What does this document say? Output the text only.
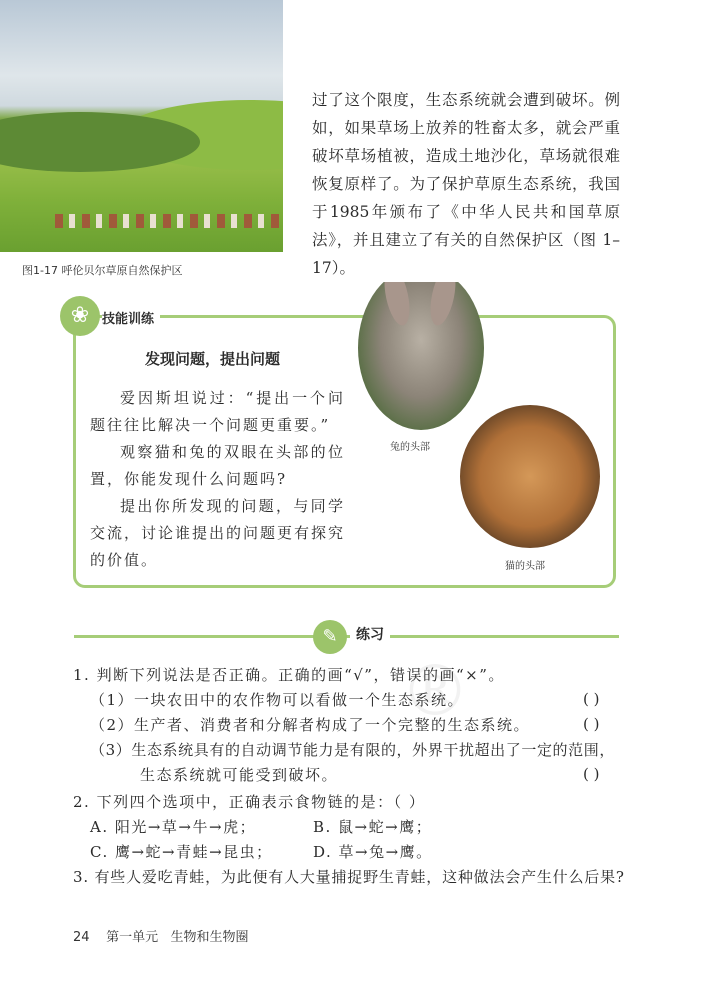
图1-17 呼伦贝尔草原自然保护区
过了这个限度，生态系统就会遭到破坏。例如，如果草场上放养的牲畜太多，就会严重破坏草场植被，造成土地沙化，草场就很难恢复原样了。为了保护草原生态系统，我国于1985年颁布了《中华人民共和国草原法》，并且建立了有关的自然保护区（图 1–17）。
❀ 技能训练
发现问题，提出问题

爱因斯坦说过：“提出一个问题往往比解决一个问题更重要。”

观察猫和兔的双眼在头部的位置，你能发现什么问题吗?

提出你所发现的问题，与同学交流，讨论谁提出的问题更有探究的价值。

兔的头部
猫的头部
✎	练习
®
1. 判断下列说法是否正确。正确的画“√”，错误的画“×”。
（1）一块农田中的农作物可以看做一个生态系统。	( )
（2）生产者、消费者和分解者构成了一个完整的生态系统。	( )
（3）生态系统具有的自动调节能力是有限的，外界干扰超出了一定的范围，
生态系统就可能受到破坏。	( )
2. 下列四个选项中，正确表示食物链的是：（ ）
A. 阳光→草→牛→虎；	B. 鼠→蛇→鹰；
C. 鹰→蛇→青蛙→昆虫；	D. 草→兔→鹰。
3. 有些人爱吃青蛙，为此便有人大量捕捉野生青蛙，这种做法会产生什么后果?
24 第一单元 生物和生物圈
